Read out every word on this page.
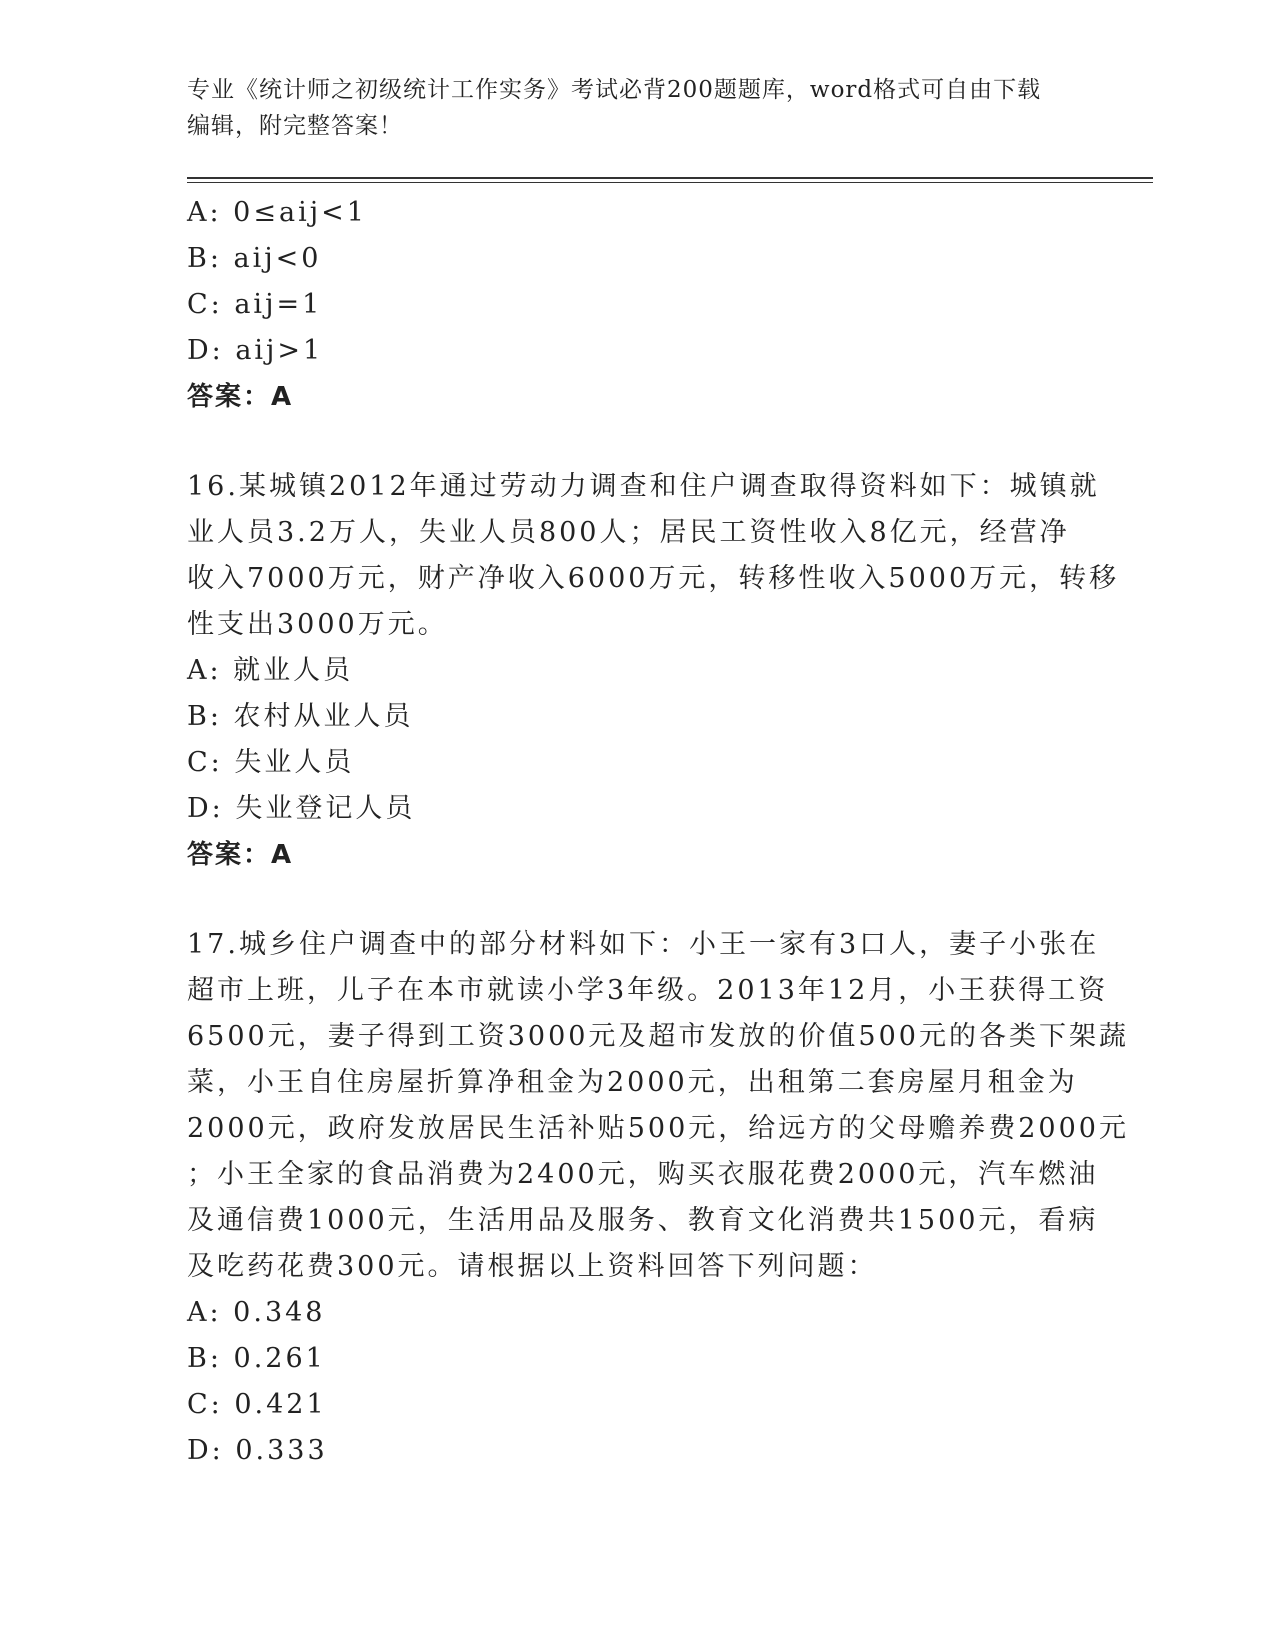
专业《统计师之初级统计工作实务》考试必背200题题库，word格式可自由下载
编辑，附完整答案！
A: 0≤aij<1
B: aij<0
C: aij=1
D: aij>1
答案：A
16.某城镇2012年通过劳动力调查和住户调查取得资料如下：城镇就
业人员3.2万人，失业人员800人；居民工资性收入8亿元，经营净
收入7000万元，财产净收入6000万元，转移性收入5000万元，转移
性支出3000万元。
A: 就业人员
B: 农村从业人员
C: 失业人员
D: 失业登记人员
答案：A
17.城乡住户调查中的部分材料如下：小王一家有3口人，妻子小张在
超市上班，儿子在本市就读小学3年级。2013年12月，小王获得工资
6500元，妻子得到工资3000元及超市发放的价值500元的各类下架蔬
菜，小王自住房屋折算净租金为2000元，出租第二套房屋月租金为
2000元，政府发放居民生活补贴500元，给远方的父母赡养费2000元
；小王全家的食品消费为2400元，购买衣服花费2000元，汽车燃油
及通信费1000元，生活用品及服务、教育文化消费共1500元，看病
及吃药花费300元。请根据以上资料回答下列问题：
A: 0.348
B: 0.261
C: 0.421
D: 0.333
